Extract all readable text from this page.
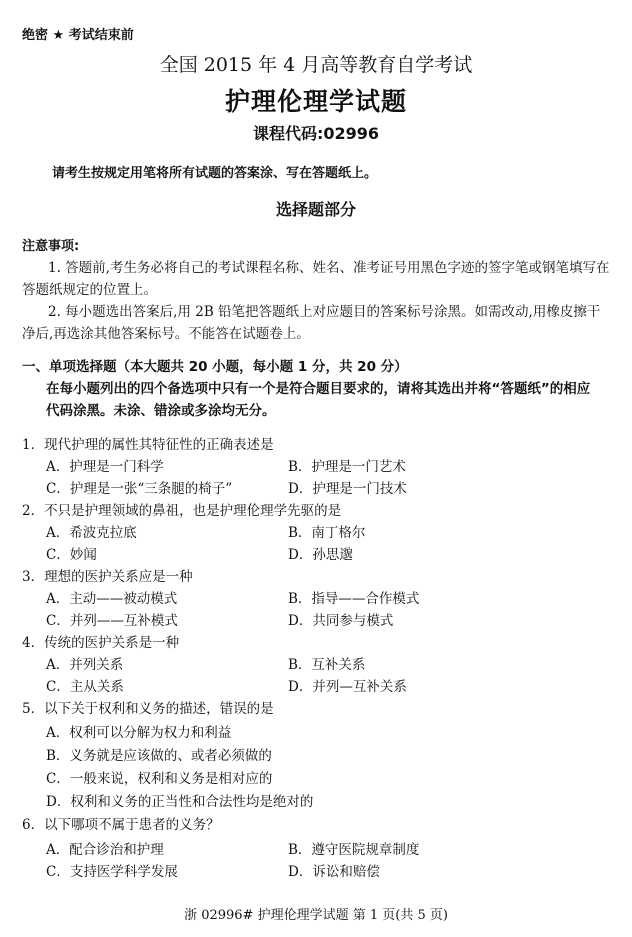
绝密 ★ 考试结束前
全国 2015 年 4 月高等教育自学考试
护理伦理学试题
课程代码:02996
请考生按规定用笔将所有试题的答案涂、写在答题纸上。
选择题部分
注意事项:
1. 答题前,考生务必将自己的考试课程名称、姓名、准考证号用黑色字迹的签字笔或钢笔填写在答题纸规定的位置上。
2. 每小题选出答案后,用 2B 铅笔把答题纸上对应题目的答案标号涂黑。如需改动,用橡皮擦干净后,再选涂其他答案标号。不能答在试题卷上。
一、单项选择题（本大题共 20 小题，每小题 1 分，共 20 分）
在每小题列出的四个备选项中只有一个是符合题目要求的，请将其选出并将“答题纸”的相应代码涂黑。未涂、错涂或多涂均无分。
1．现代护理的属性其特征性的正确表述是
A．护理是一门科学	B．护理是一门艺术
C．护理是一张“三条腿的椅子”	D．护理是一门技术
2．不只是护理领域的鼻祖，也是护理伦理学先驱的是
A．希波克拉底	B．南丁格尔
C．妙闻	D．孙思邈
3．理想的医护关系应是一种
A．主动——被动模式	B．指导——合作模式
C．并列——互补模式	D．共同参与模式
4．传统的医护关系是一种
A．并列关系	B．互补关系
C．主从关系	D．并列—互补关系
5．以下关于权利和义务的描述，错误的是
A．权利可以分解为权力和利益
B．义务就是应该做的、或者必须做的
C．一般来说，权利和义务是相对应的
D．权利和义务的正当性和合法性均是绝对的
6．以下哪项不属于患者的义务？
A．配合诊治和护理	B．遵守医院规章制度
C．支持医学科学发展	D．诉讼和赔偿
浙 02996# 护理伦理学试题 第 1 页(共 5 页)
